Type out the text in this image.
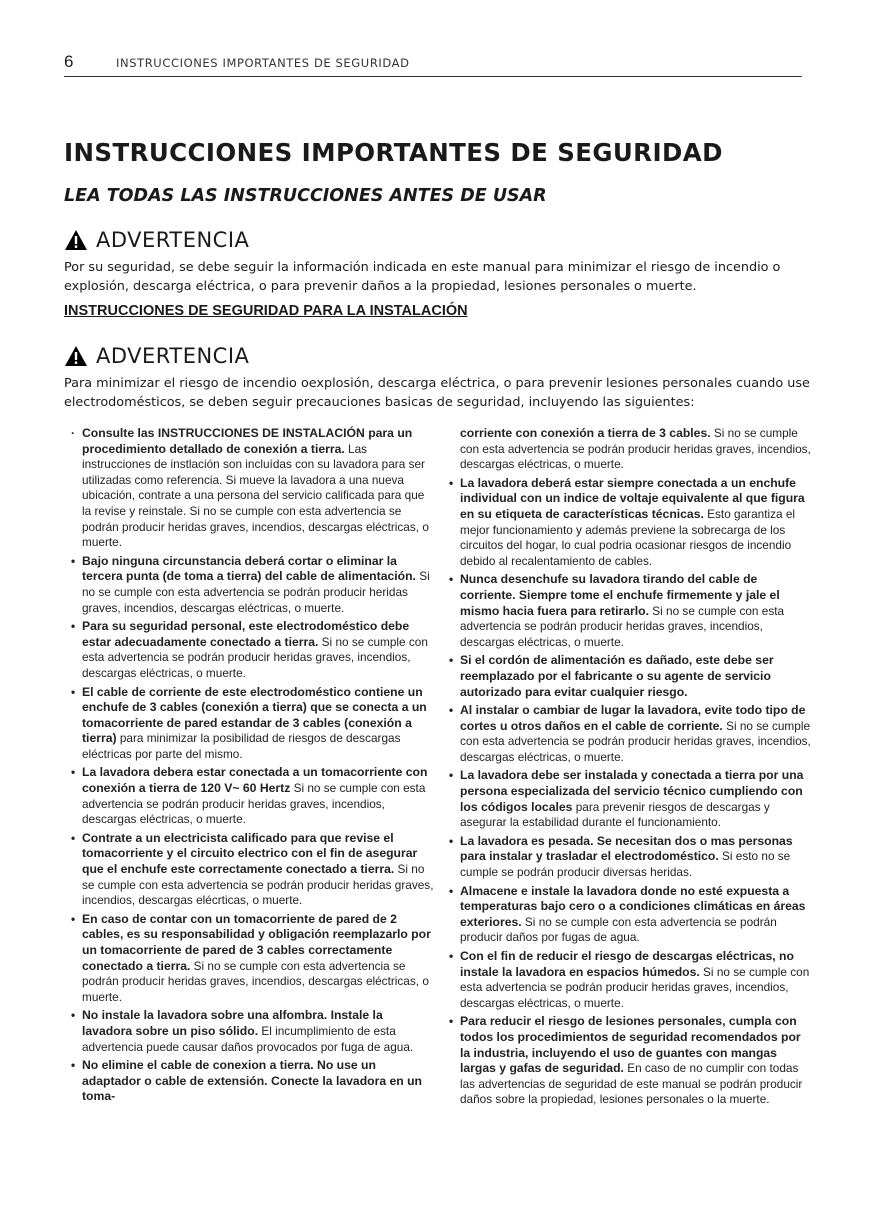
6	INSTRUCCIONES IMPORTANTES DE SEGURIDAD
INSTRUCCIONES IMPORTANTES DE SEGURIDAD
LEA TODAS LAS INSTRUCCIONES ANTES DE USAR
ADVERTENCIA
Por su seguridad, se debe seguir la información indicada en este manual para minimizar el riesgo de incendio o explosión, descarga eléctrica, o para prevenir daños a la propiedad, lesiones personales o muerte.
INSTRUCCIONES DE SEGURIDAD PARA LA INSTALACIÓN
ADVERTENCIA
Para minimizar el riesgo de incendio oexplosión, descarga eléctrica, o para prevenir lesiones personales cuando use electrodomésticos, se deben seguir precauciones basicas de seguridad, incluyendo las siguientes:
· Consulte las INSTRUCCIONES DE INSTALACIÓN para un procedimiento detallado de conexión a tierra. Las instrucciones de instlación son incluídas con su lavadora para ser utilizadas como referencia. Si mueve la lavadora a una nueva ubicación, contrate a una persona del servicio calificada para que la revise y reinstale. Si no se cumple con esta advertencia se podrán producir heridas graves, incendios, descargas eléctricas, o muerte.
• Bajo ninguna circunstancia deberá cortar o eliminar la tercera punta (de toma a tierra) del cable de alimentación. Si no se cumple con esta advertencia se podrán producir heridas graves, incendios, descargas eléctricas, o muerte.
• Para su seguridad personal, este electrodoméstico debe estar adecuadamente conectado a tierra. Si no se cumple con esta advertencia se podrán producir heridas graves, incendios, descargas eléctricas, o muerte.
• El cable de corriente de este electrodoméstico contiene un enchufe de 3 cables (conexión a tierra) que se conecta a un tomacorriente de pared estandar de 3 cables (conexión a tierra) para minimizar la posibilidad de riesgos de descargas eléctricas por parte del mismo.
• La lavadora debera estar conectada a un tomacorriente con conexión a tierra de 120 V~ 60 Hertz Si no se cumple con esta advertencia se podrán producir heridas graves, incendios, descargas eléctricas, o muerte.
• Contrate a un electricista calificado para que revise el tomacorriente y el circuito electrico con el fin de asegurar que el enchufe este correctamente conectado a tierra. Si no se cumple con esta advertencia se podrán producir heridas graves, incendios, descargas elécrticas, o muerte.
• En caso de contar con un tomacorriente de pared de 2 cables, es su responsabilidad y obligación reemplazarlo por un tomacorriente de pared de 3 cables correctamente conectado a tierra. Si no se cumple con esta advertencia se podrán producir heridas graves, incendios, descargas eléctricas, o muerte.
• No instale la lavadora sobre una alfombra. Instale la lavadora sobre un piso sólido. El incumplimiento de esta advertencia puede causar daños provocados por fuga de agua.
• No elimine el cable de conexion a tierra. No use un adaptador o cable de extensión. Conecte la lavadora en un toma-
corriente con conexión a tierra de 3 cables. Si no se cumple con esta advertencia se podrán producir heridas graves, incendios, descargas eléctricas, o muerte.
• La lavadora deberá estar siempre conectada a un enchufe individual con un indice de voltaje equivalente al que figura en su etiqueta de características técnicas. Esto garantiza el mejor funcionamiento y además previene la sobrecarga de los circuitos del hogar, lo cual podria ocasionar riesgos de incendio debido al recalentamiento de cables.
• Nunca desenchufe su lavadora tirando del cable de corriente. Siempre tome el enchufe firmemente y jale el mismo hacia fuera para retirarlo. Si no se cumple con esta advertencia se podrán producir heridas graves, incendios, descargas eléctricas, o muerte.
• Si el cordón de alimentación es dañado, este debe ser reemplazado por el fabricante o su agente de servicio autorizado para evitar cualquier riesgo.
• Al instalar o cambiar de lugar la lavadora, evite todo tipo de cortes u otros daños en el cable de corriente. Si no se cumple con esta advertencia se podrán producir heridas graves, incendios, descargas eléctricas, o muerte.
• La lavadora debe ser instalada y conectada a tierra por una persona especializada del servicio técnico cumpliendo con los códigos locales para prevenir riesgos de descargas y asegurar la estabilidad durante el funcionamiento.
• La lavadora es pesada. Se necesitan dos o mas personas para instalar y trasladar el electrodoméstico. Si esto no se cumple se podrán producir diversas heridas.
• Almacene e instale la lavadora donde no esté expuesta a temperaturas bajo cero o a condiciones climáticas en áreas exteriores. Si no se cumple con esta advertencia se podrán producir daños por fugas de agua.
• Con el fin de reducir el riesgo de descargas eléctricas, no instale la lavadora en espacios húmedos. Si no se cumple con esta advertencia se podrán producir heridas graves, incendios, descargas eléctricas, o muerte.
• Para reducir el riesgo de lesiones personales, cumpla con todos los procedimientos de seguridad recomendados por la industria, incluyendo el uso de guantes con mangas largas y gafas de seguridad. En caso de no cumplir con todas las advertencias de seguridad de este manual se podrán producir daños sobre la propiedad, lesiones personales o la muerte.
